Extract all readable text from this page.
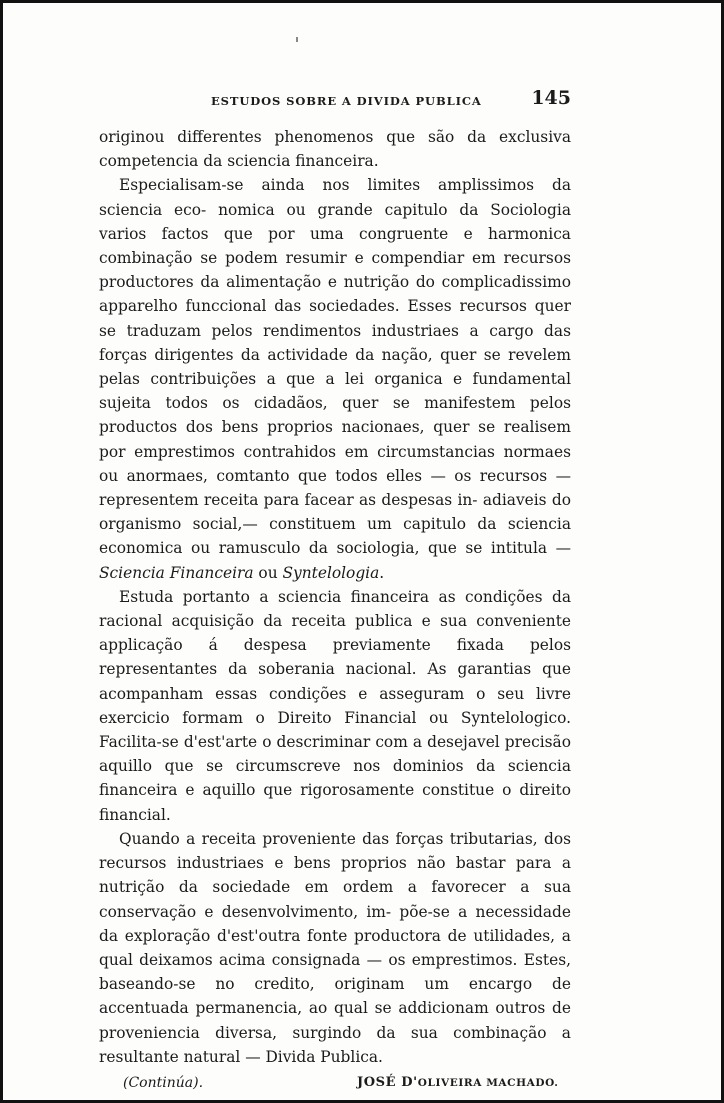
ESTUDOS SOBRE A DIVIDA PUBLICA	145

originou differentes phenomenos que são da exclusiva competencia da sciencia financeira.

Especialisam-se ainda nos limites amplissimos da sciencia eco- nomica ou grande capitulo da Sociologia varios factos que por uma congruente e harmonica combinação se podem resumir e compendiar em recursos productores da alimentação e nutrição do complicadissimo apparelho funccional das sociedades. Esses recursos quer se traduzam pelos rendimentos industriaes a cargo das forças dirigentes da actividade da nação, quer se revelem pelas contribuições a que a lei organica e fundamental sujeita todos os cidadãos, quer se manifestem pelos productos dos bens proprios nacionaes, quer se realisem por emprestimos contrahidos em circumstancias normaes ou anormaes, comtanto que todos elles — os recursos — representem receita para facear as despesas in- adiaveis do organismo social,— constituem um capitulo da sciencia economica ou ramusculo da sociologia, que se intitula —Sciencia Financeira ou Syntelologia.

Estuda portanto a sciencia financeira as condições da racional acquisição da receita publica e sua conveniente applicação á despesa previamente fixada pelos representantes da soberania nacional. As garantias que acompanham essas condições e asseguram o seu livre exercicio formam o Direito Financial ou Syntelologico. Facilita-se d'est'arte o descriminar com a desejavel precisão aquillo que se circumscreve nos dominios da sciencia financeira e aquillo que rigorosamente constitue o direito financial.

Quando a receita proveniente das forças tributarias, dos recursos industriaes e bens proprios não bastar para a nutrição da sociedade em ordem a favorecer a sua conservação e desenvolvimento, im- põe-se a necessidade da exploração d'est'outra fonte productora de utilidades, a qual deixamos acima consignada — os emprestimos. Estes, baseando-se no credito, originam um encargo de accentuada permanencia, ao qual se addicionam outros de proveniencia diversa, surgindo da sua combinação a resultante natural — Divida Publica.

(Continúa).	JOSÉ D'OLIVEIRA MACHADO.
